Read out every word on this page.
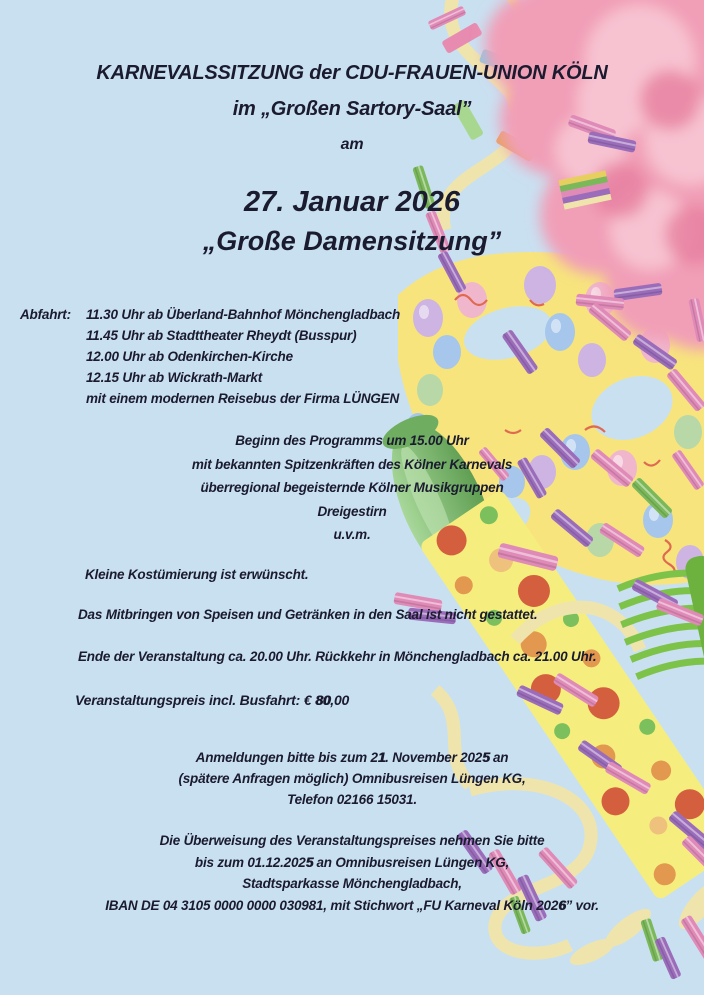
KARNEVALSSITZUNG der CDU-FRAUEN-UNION KÖLN
im „Großen Sartory-Saal”
am
27. Januar 2026
„Große Damensitzung”
Abfahrt: 11.30 Uhr ab Überland-Bahnhof Mönchengladbach
11.45 Uhr ab Stadttheater Rheydt (Busspur)
12.00 Uhr ab Odenkirchen-Kirche
12.15 Uhr ab Wickrath-Markt
mit einem modernen Reisebus der Firma LÜNGEN
Beginn des Programms um 15.00 Uhr
mit bekannten Spitzenkräften des Kölner Karnevals
überregional begeisternde Kölner Musikgruppen
Dreigestirn
u.v.m.
Kleine Kostümierung ist erwünscht.
Das Mitbringen von Speisen und Getränken in den Saal ist nicht gestattet.
Ende der Veranstaltung ca. 20.00 Uhr. Rückkehr in Mönchengladbach ca. 21.00 Uhr.
Veranstaltungspreis incl. Busfahrt: € 80,00
Anmeldungen bitte bis zum 21. November 2025 an
(spätere Anfragen möglich) Omnibusreisen Lüngen KG,
Telefon 02166 15031.
Die Überweisung des Veranstaltungspreises nehmen Sie bitte
bis zum 01.12.2025 an Omnibusreisen Lüngen KG,
Stadtsparkasse Mönchengladbach,
IBAN DE 04 3105 0000 0000 030981, mit Stichwort „FU Karneval Köln 2026” vor.
